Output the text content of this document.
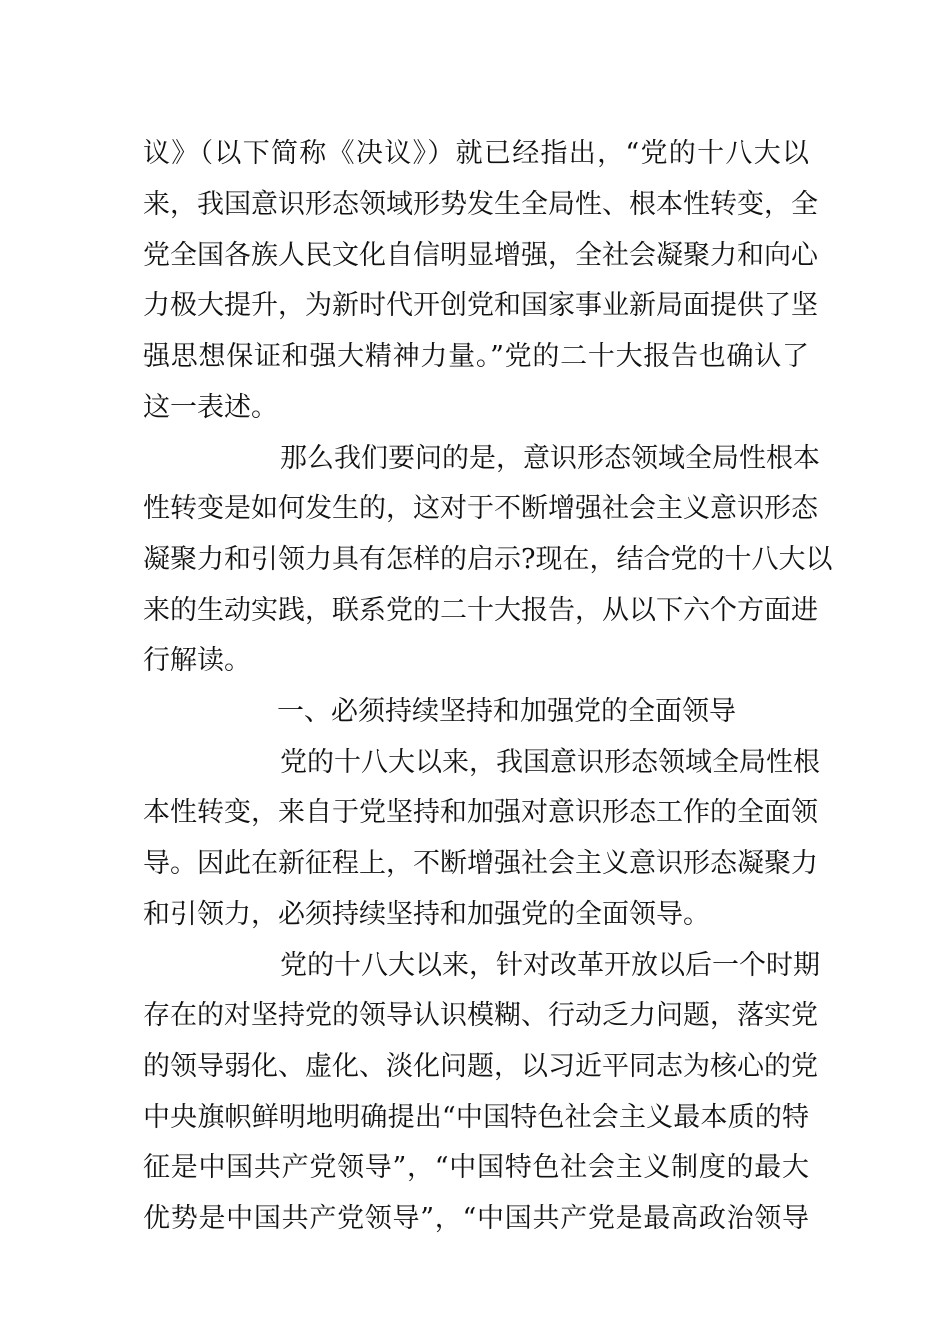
议》（以下简称《决议》）就已经指出，“党的十八大以
来，我国意识形态领域形势发生全局性、根本性转变，全
党全国各族人民文化自信明显增强，全社会凝聚力和向心
力极大提升，为新时代开创党和国家事业新局面提供了坚
强思想保证和强大精神力量。”党的二十大报告也确认了
这一表述。
那么我们要问的是，意识形态领域全局性根本
性转变是如何发生的，这对于不断增强社会主义意识形态
凝聚力和引领力具有怎样的启示?现在，结合党的十八大以
来的生动实践，联系党的二十大报告，从以下六个方面进
行解读。
一、必须持续坚持和加强党的全面领导
党的十八大以来，我国意识形态领域全局性根
本性转变，来自于党坚持和加强对意识形态工作的全面领
导。因此在新征程上，不断增强社会主义意识形态凝聚力
和引领力，必须持续坚持和加强党的全面领导。
党的十八大以来，针对改革开放以后一个时期
存在的对坚持党的领导认识模糊、行动乏力问题，落实党
的领导弱化、虚化、淡化问题，以习近平同志为核心的党
中央旗帜鲜明地明确提出“中国特色社会主义最本质的特
征是中国共产党领导”，“中国特色社会主义制度的最大
优势是中国共产党领导”，“中国共产党是最高政治领导
